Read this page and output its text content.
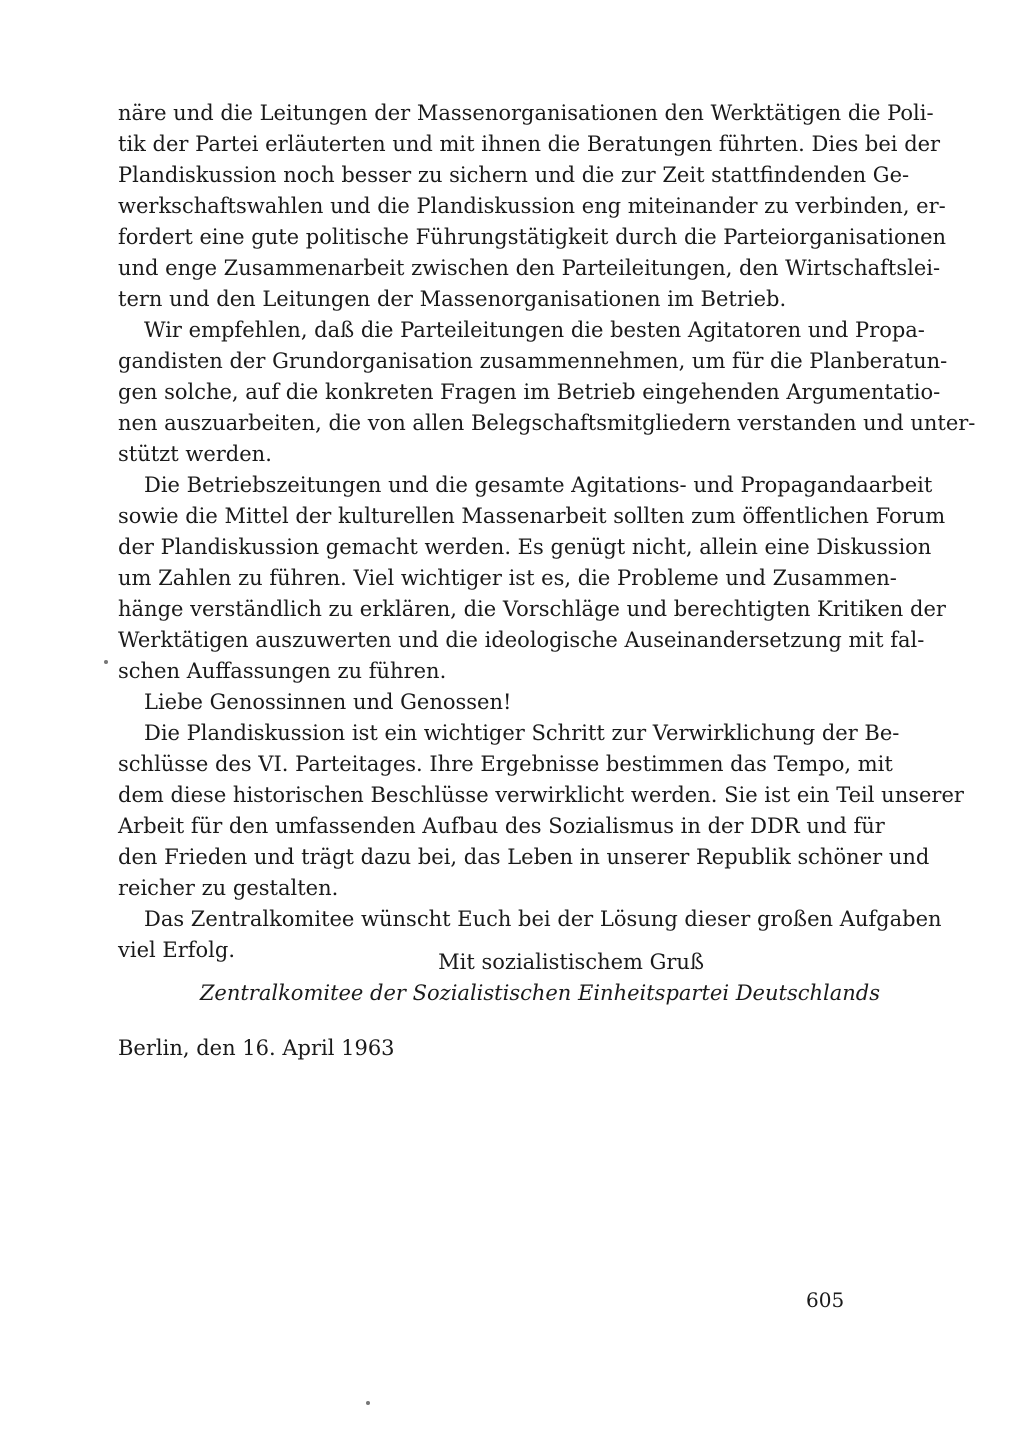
näre und die Leitungen der Massenorganisationen den Werktätigen die Poli-
tik der Partei erläuterten und mit ihnen die Beratungen führten. Dies bei der
Plandiskussion noch besser zu sichern und die zur Zeit stattfindenden Ge-
werkschaftswahlen und die Plandiskussion eng miteinander zu verbinden, er-
fordert eine gute politische Führungstätigkeit durch die Parteiorganisationen
und enge Zusammenarbeit zwischen den Parteileitungen, den Wirtschaftslei-
tern und den Leitungen der Massenorganisationen im Betrieb.
Wir empfehlen, daß die Parteileitungen die besten Agitatoren und Propa-
gandisten der Grundorganisation zusammennehmen, um für die Planberatun-
gen solche, auf die konkreten Fragen im Betrieb eingehenden Argumentatio-
nen auszuarbeiten, die von allen Belegschaftsmitgliedern verstanden und unter-
stützt werden.
Die Betriebszeitungen und die gesamte Agitations- und Propagandaarbeit
sowie die Mittel der kulturellen Massenarbeit sollten zum öffentlichen Forum
der Plandiskussion gemacht werden. Es genügt nicht, allein eine Diskussion
um Zahlen zu führen. Viel wichtiger ist es, die Probleme und Zusammen-
hänge verständlich zu erklären, die Vorschläge und berechtigten Kritiken der
Werktätigen auszuwerten und die ideologische Auseinandersetzung mit fal-
schen Auffassungen zu führen.
Liebe Genossinnen und Genossen!
Die Plandiskussion ist ein wichtiger Schritt zur Verwirklichung der Be-
schlüsse des VI. Parteitages. Ihre Ergebnisse bestimmen das Tempo, mit
dem diese historischen Beschlüsse verwirklicht werden. Sie ist ein Teil unserer
Arbeit für den umfassenden Aufbau des Sozialismus in der DDR und für
den Frieden und trägt dazu bei, das Leben in unserer Republik schöner und
reicher zu gestalten.
Das Zentralkomitee wünscht Euch bei der Lösung dieser großen Aufgaben
viel Erfolg.	Mit sozialistischem Gruß
Zentralkomitee der Sozialistischen Einheitspartei Deutschlands
Berlin, den 16. April 1963
605
